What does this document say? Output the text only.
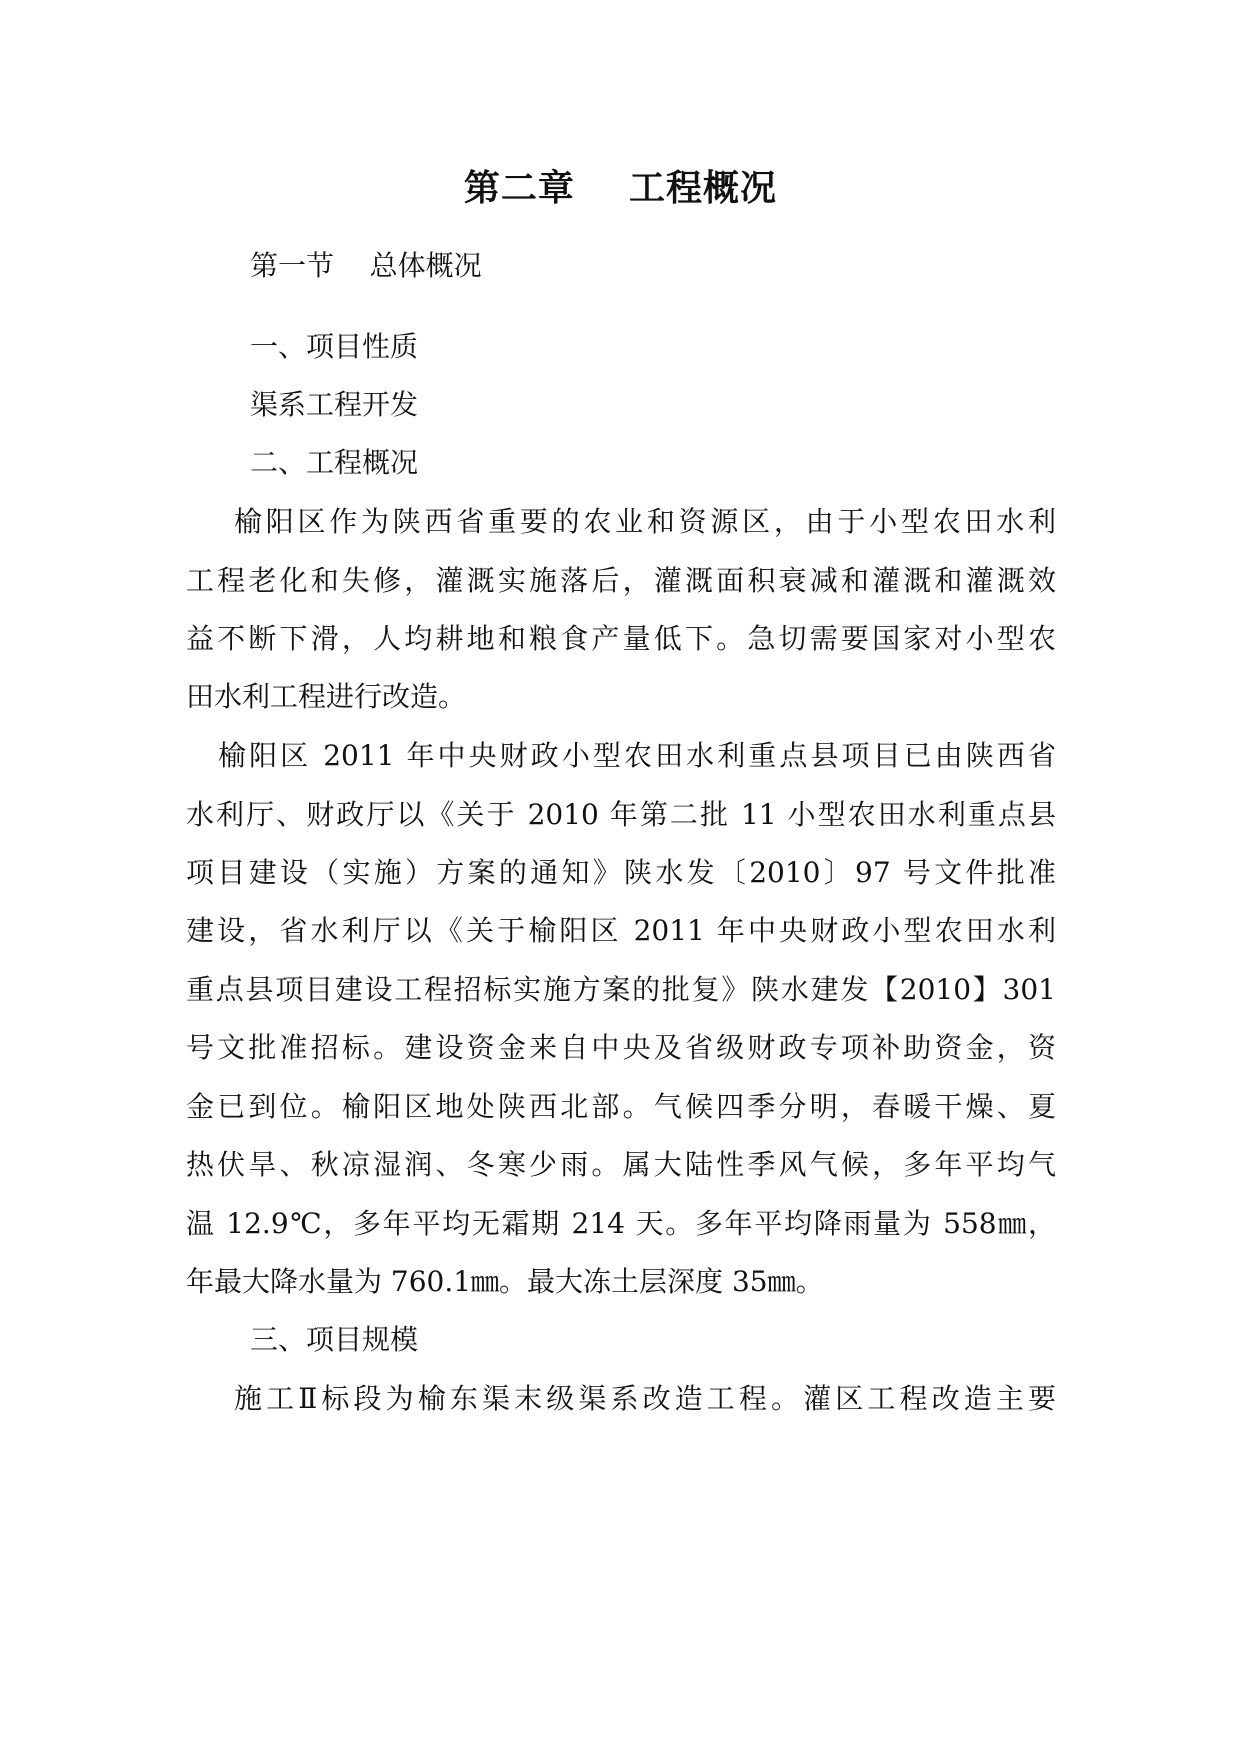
第二章    工程概况
第一节    总体概况
一、项目性质
渠系工程开发
二、工程概况
榆阳区作为陕西省重要的农业和资源区，由于小型农田水利
工程老化和失修，灌溉实施落后，灌溉面积衰减和灌溉和灌溉效
益不断下滑，人均耕地和粮食产量低下。急切需要国家对小型农
田水利工程进行改造。
榆阳区 2011 年中央财政小型农田水利重点县项目已由陕西省
水利厅、财政厅以《关于 2010 年第二批 11 小型农田水利重点县
项目建设（实施）方案的通知》陕水发〔2010〕97 号文件批准
建设，省水利厅以《关于榆阳区 2011 年中央财政小型农田水利
重点县项目建设工程招标实施方案的批复》陕水建发【2010】301
号文批准招标。建设资金来自中央及省级财政专项补助资金，资
金已到位。榆阳区地处陕西北部。气候四季分明，春暖干燥、夏
热伏旱、秋凉湿润、冬寒少雨。属大陆性季风气候，多年平均气
温 12.9℃，多年平均无霜期 214 天。多年平均降雨量为 558㎜，
年最大降水量为 760.1㎜。最大冻土层深度 35㎜。
三、项目规模
施工Ⅱ标段为榆东渠末级渠系改造工程。灌区工程改造主要
